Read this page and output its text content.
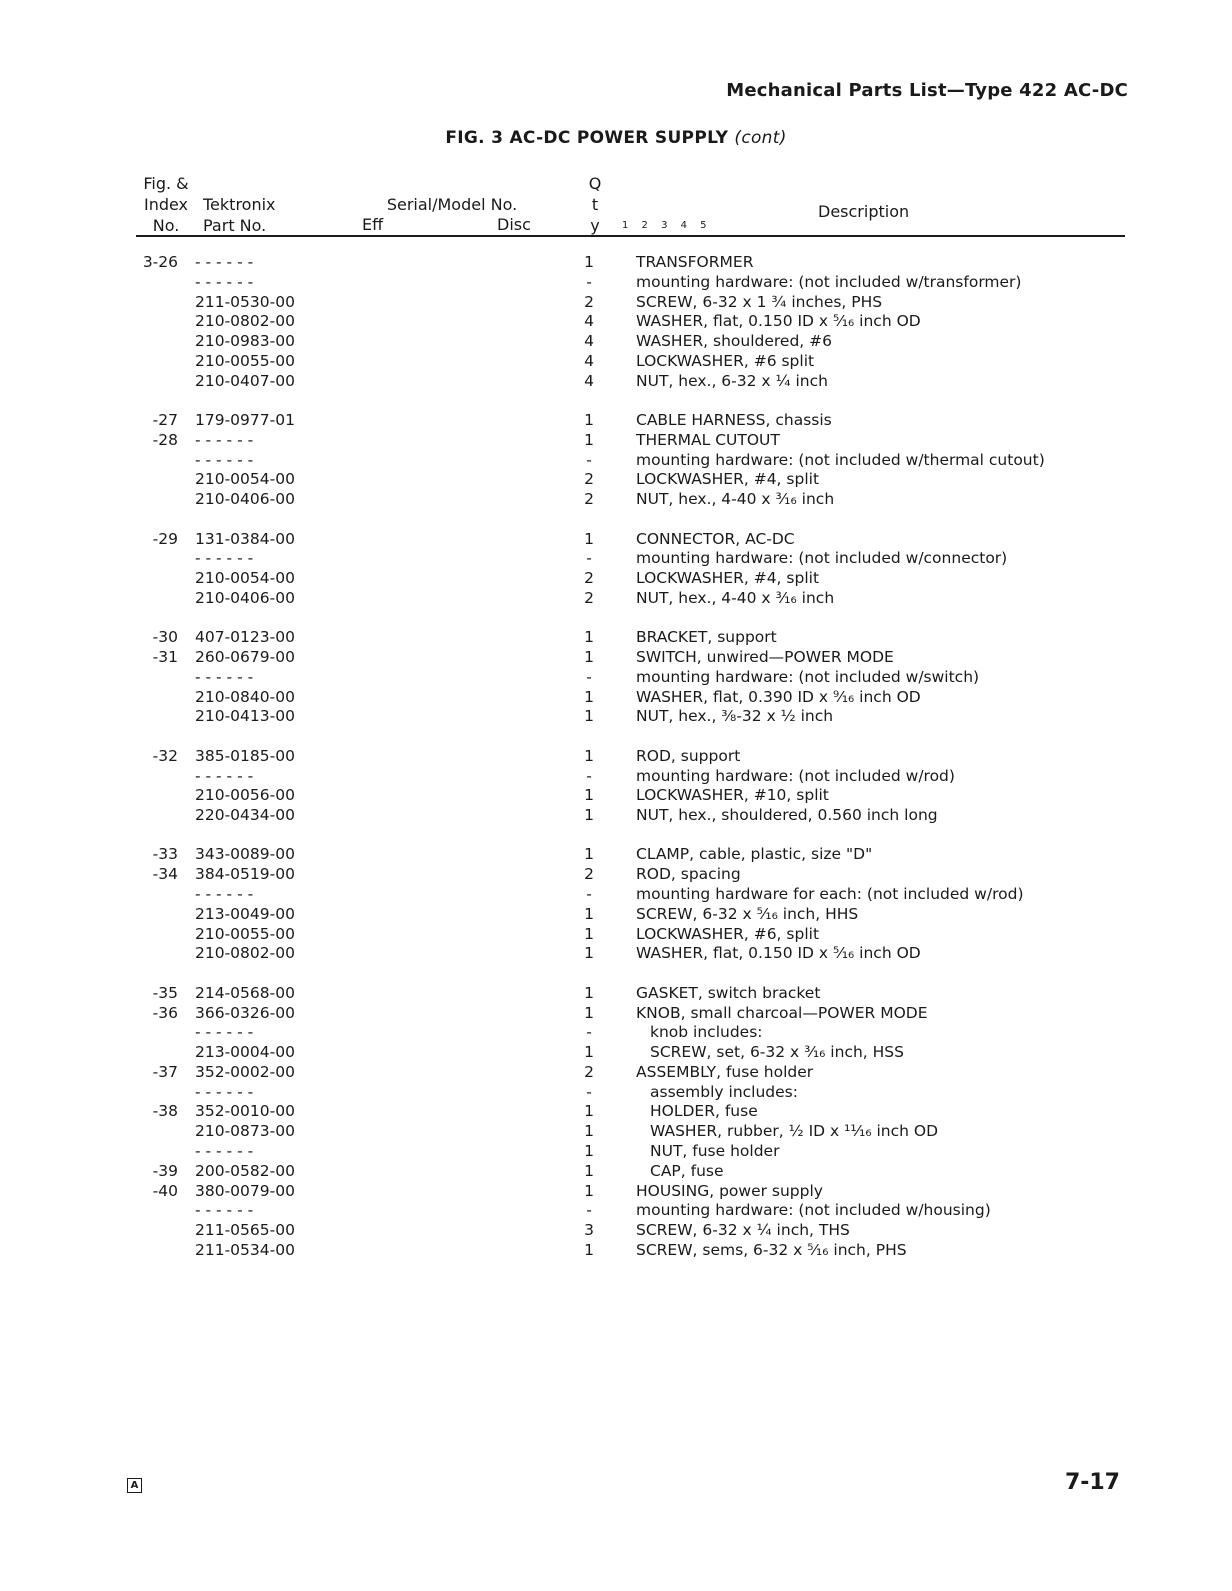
Mechanical Parts List—Type 422 AC-DC
FIG. 3 AC-DC POWER SUPPLY (cont)
Fig. &
Index
No.
Tektronix
Part No.
Serial/Model No.
Eff	Disc
Q
t
y	1 2 3 4 5
Description
3-26 - - - - - -	1	TRANSFORMER
- - - - - -	-	mounting hardware: (not included w/transformer)
211-0530-00	2	SCREW, 6-32 x 1 ¾ inches, PHS
210-0802-00	4	WASHER, flat, 0.150 ID x ⁵⁄₁₆ inch OD
210-0983-00	4	WASHER, shouldered, #6
210-0055-00	4	LOCKWASHER, #6 split
210-0407-00	4	NUT, hex., 6-32 x ¼ inch
-27 179-0977-01	1	CABLE HARNESS, chassis
-28 - - - - - -	1	THERMAL CUTOUT
- - - - - -	-	mounting hardware: (not included w/thermal cutout)
210-0054-00	2	LOCKWASHER, #4, split
210-0406-00	2	NUT, hex., 4-40 x ³⁄₁₆ inch
-29 131-0384-00	1	CONNECTOR, AC-DC
- - - - - -	-	mounting hardware: (not included w/connector)
210-0054-00	2	LOCKWASHER, #4, split
210-0406-00	2	NUT, hex., 4-40 x ³⁄₁₆ inch
-30 407-0123-00	1	BRACKET, support
-31 260-0679-00	1	SWITCH, unwired—POWER MODE
- - - - - -	-	mounting hardware: (not included w/switch)
210-0840-00	1	WASHER, flat, 0.390 ID x ⁹⁄₁₆ inch OD
210-0413-00	1	NUT, hex., ⅜-32 x ½ inch
-32 385-0185-00	1	ROD, support
- - - - - -	-	mounting hardware: (not included w/rod)
210-0056-00	1	LOCKWASHER, #10, split
220-0434-00	1	NUT, hex., shouldered, 0.560 inch long
-33 343-0089-00	1	CLAMP, cable, plastic, size "D"
-34 384-0519-00	2	ROD, spacing
- - - - - -	-	mounting hardware for each: (not included w/rod)
213-0049-00	1	SCREW, 6-32 x ⁵⁄₁₆ inch, HHS
210-0055-00	1	LOCKWASHER, #6, split
210-0802-00	1	WASHER, flat, 0.150 ID x ⁵⁄₁₆ inch OD
-35 214-0568-00	1	GASKET, switch bracket
-36 366-0326-00	1	KNOB, small charcoal—POWER MODE
- - - - - -	-	knob includes:
213-0004-00	1	SCREW, set, 6-32 x ³⁄₁₆ inch, HSS
-37 352-0002-00	2	ASSEMBLY, fuse holder
- - - - - -	-	assembly includes:
-38 352-0010-00	1	HOLDER, fuse
210-0873-00	1	WASHER, rubber, ½ ID x ¹¹⁄₁₆ inch OD
- - - - - -	1	NUT, fuse holder
-39 200-0582-00	1	CAP, fuse
-40 380-0079-00	1	HOUSING, power supply
- - - - - -	-	mounting hardware: (not included w/housing)
211-0565-00	3	SCREW, 6-32 x ¼ inch, THS
211-0534-00	1	SCREW, sems, 6-32 x ⁵⁄₁₆ inch, PHS
A	7-17
